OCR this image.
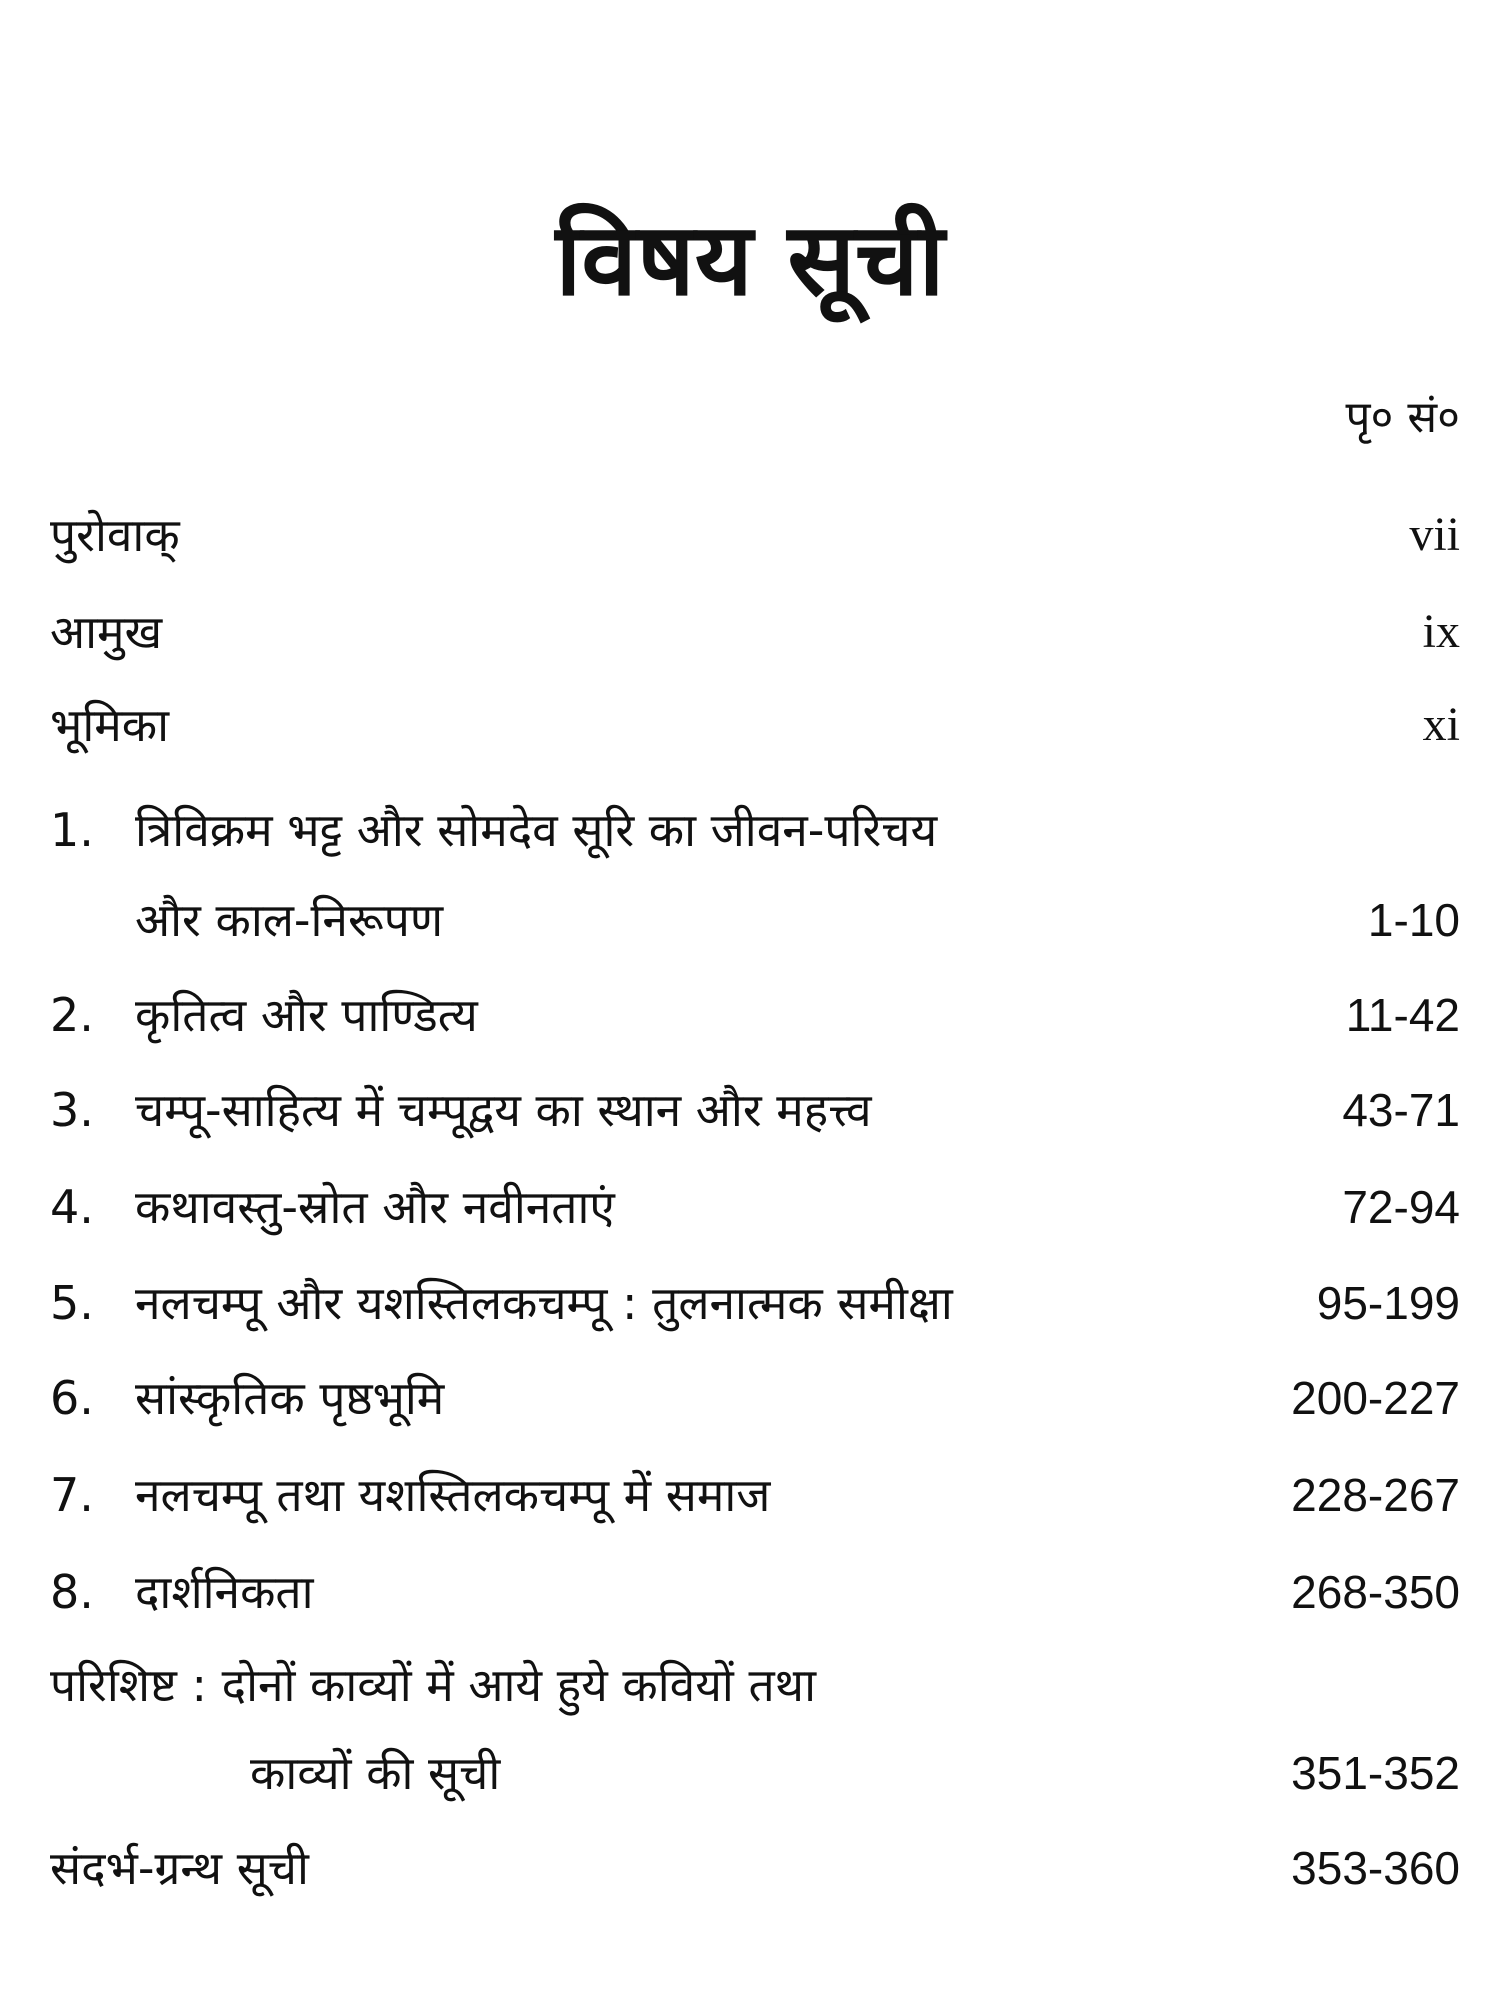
विषय सूची
पृ० सं०
पुरोवाक्	vii
आमुख	ix
भूमिका	xi
1. त्रिविक्रम भट्ट और सोमदेव सूरि का जीवन-परिचय
और काल-निरूपण	1-10
2. कृतित्व और पाण्डित्य	11-42
3. चम्पू-साहित्य में चम्पूद्वय का स्थान और महत्त्व	43-71
4. कथावस्तु-स्रोत और नवीनताएं	72-94
5. नलचम्पू और यशस्तिलकचम्पू : तुलनात्मक समीक्षा	95-199
6. सांस्कृतिक पृष्ठभूमि	200-227
7. नलचम्पू तथा यशस्तिलकचम्पू में समाज	228-267
8. दार्शनिकता	268-350
परिशिष्ट : दोनों काव्यों में आये हुये कवियों तथा
काव्यों की सूची	351-352
संदर्भ-ग्रन्थ सूची	353-360
